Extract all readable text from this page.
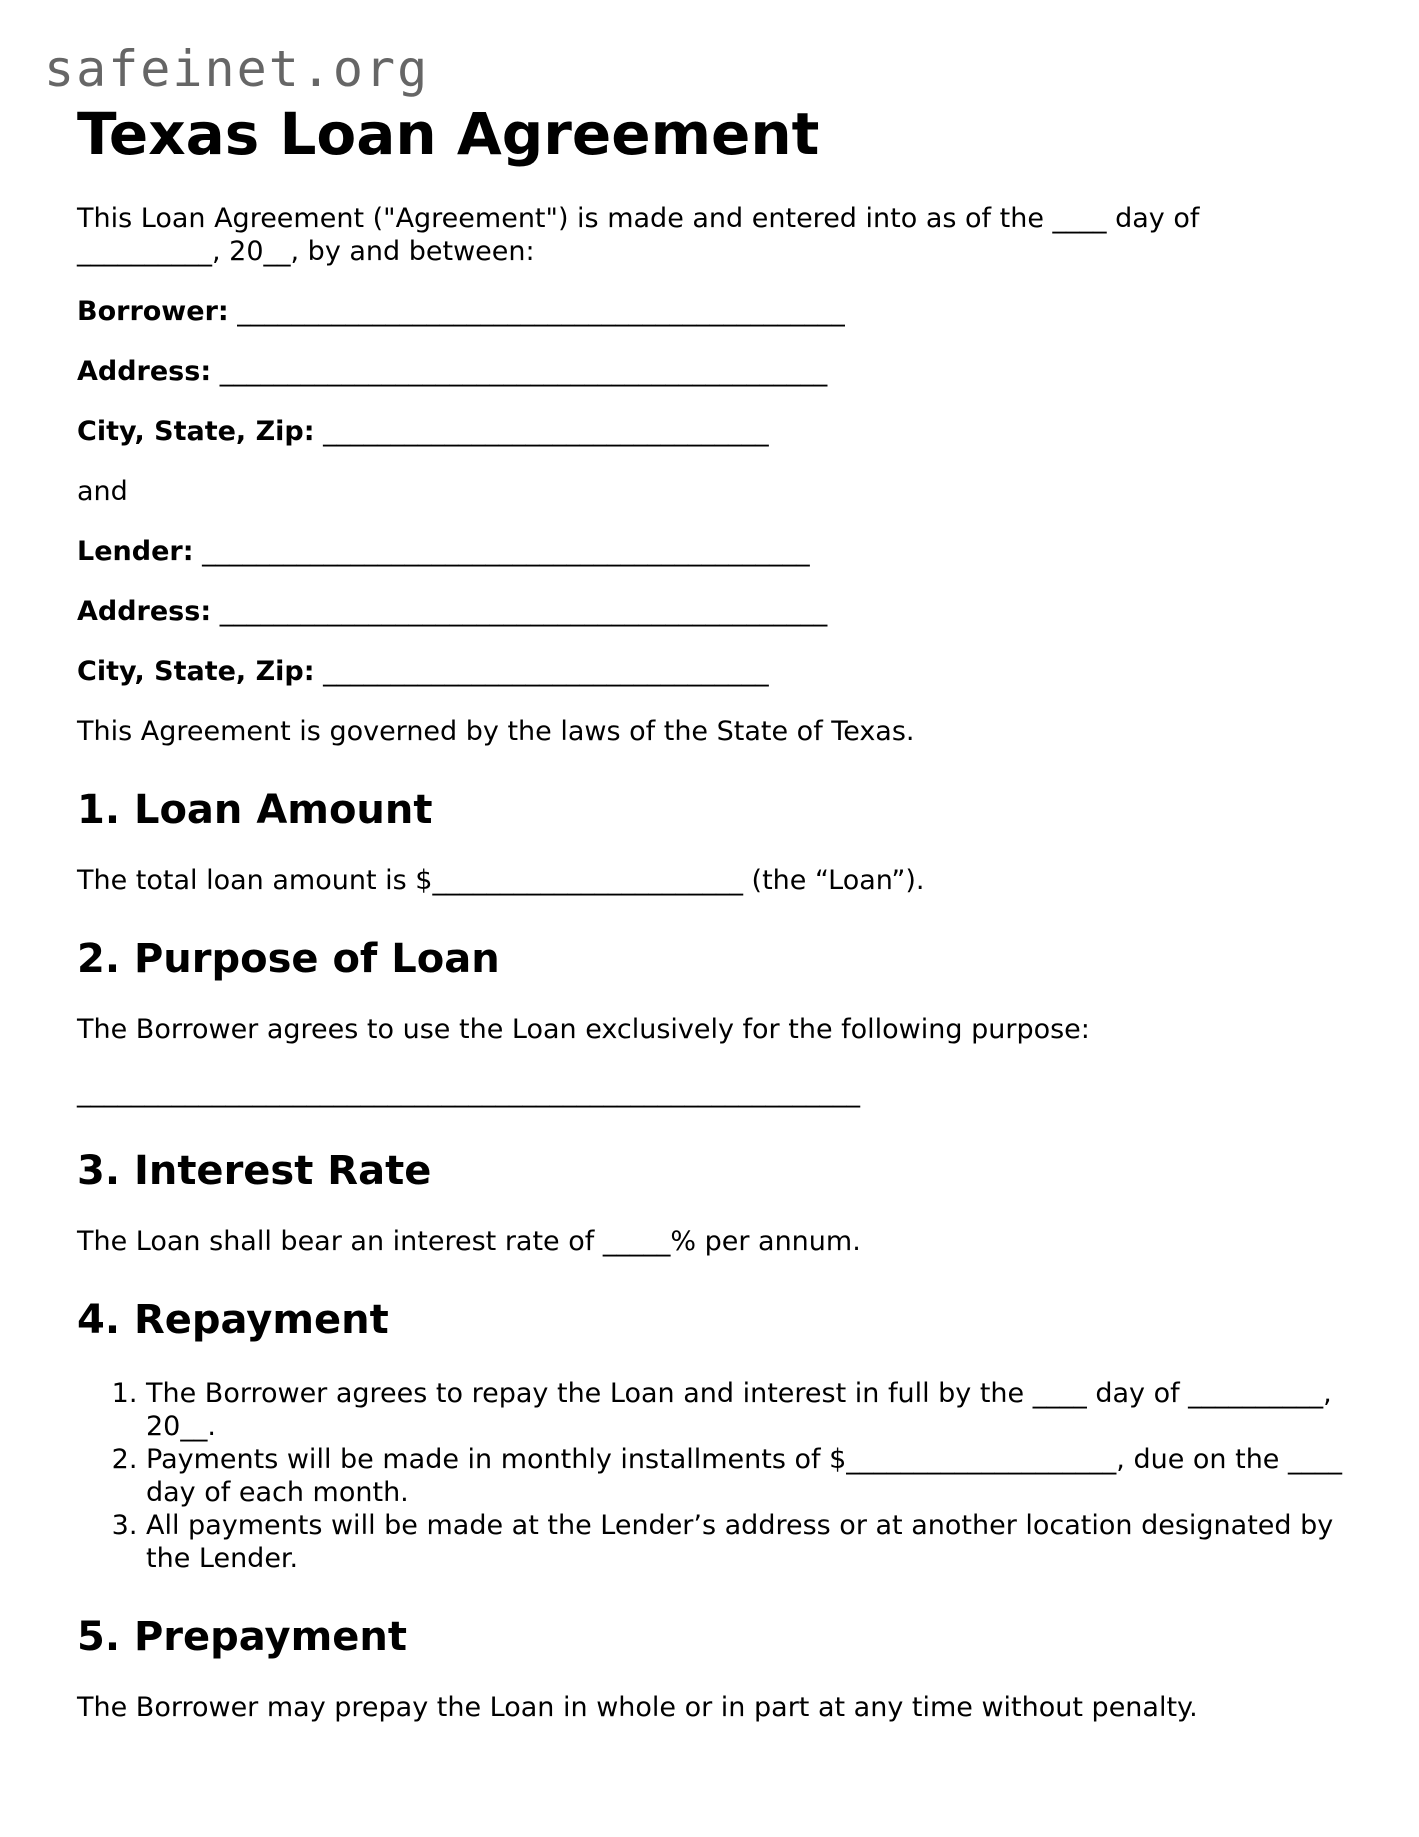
safeinet.org
Texas Loan Agreement

This Loan Agreement ("Agreement") is made and entered into as of the ____ day of __________, 20__, by and between:

Borrower: _____________________________________________

Address: _____________________________________________

City, State, Zip: _________________________________

and

Lender: _____________________________________________

Address: _____________________________________________

City, State, Zip: _________________________________

This Agreement is governed by the laws of the State of Texas.

1. Loan Amount

The total loan amount is $_______________________ (the “Loan”).

2. Purpose of Loan

The Borrower agrees to use the Loan exclusively for the following purpose:

__________________________________________________________

3. Interest Rate

The Loan shall bear an interest rate of _____% per annum.

4. Repayment
1. The Borrower agrees to repay the Loan and interest in full by the ____ day of __________, 20__.
2. Payments will be made in monthly installments of $____________________, due on the ____ day of each month.
3. All payments will be made at the Lender’s address or at another location designated by the Lender.
5. Prepayment

The Borrower may prepay the Loan in whole or in part at any time without penalty.
